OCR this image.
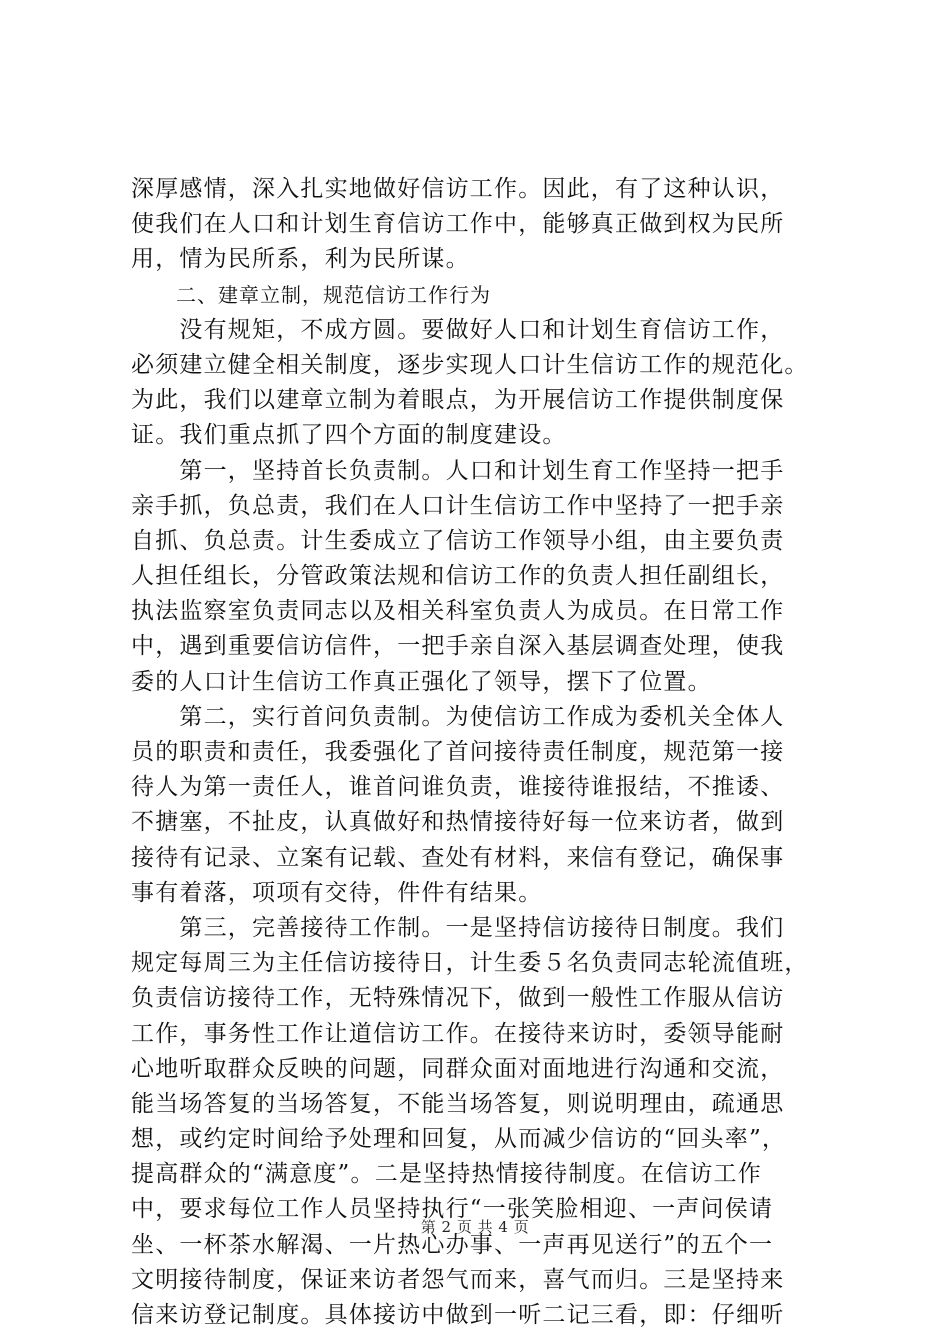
深厚感情，深入扎实地做好信访工作。因此，有了这种认识，
使我们在人口和计划生育信访工作中，能够真正做到权为民所
用，情为民所系，利为民所谋。
二、建章立制，规范信访工作行为
　　没有规矩，不成方圆。要做好人口和计划生育信访工作，
必须建立健全相关制度，逐步实现人口计生信访工作的规范化。
为此，我们以建章立制为着眼点，为开展信访工作提供制度保
证。我们重点抓了四个方面的制度建设。
　　第一，坚持首长负责制。人口和计划生育工作坚持一把手
亲手抓，负总责，我们在人口计生信访工作中坚持了一把手亲
自抓、负总责。计生委成立了信访工作领导小组，由主要负责
人担任组长，分管政策法规和信访工作的负责人担任副组长，
执法监察室负责同志以及相关科室负责人为成员。在日常工作
中，遇到重要信访信件，一把手亲自深入基层调查处理，使我
委的人口计生信访工作真正强化了领导，摆下了位置。
　　第二，实行首问负责制。为使信访工作成为委机关全体人
员的职责和责任，我委强化了首问接待责任制度，规范第一接
待人为第一责任人，谁首问谁负责，谁接待谁报结，不推诿、
不搪塞，不扯皮，认真做好和热情接待好每一位来访者，做到
接待有记录、立案有记载、查处有材料，来信有登记，确保事
事有着落，项项有交待，件件有结果。
　　第三，完善接待工作制。一是坚持信访接待日制度。我们
规定每周三为主任信访接待日，计生委５名负责同志轮流值班，
负责信访接待工作，无特殊情况下，做到一般性工作服从信访
工作，事务性工作让道信访工作。在接待来访时，委领导能耐
心地听取群众反映的问题，同群众面对面地进行沟通和交流，
能当场答复的当场答复，不能当场答复，则说明理由，疏通思
想，或约定时间给予处理和回复，从而减少信访的“回头率”，
提高群众的“满意度”。二是坚持热情接待制度。在信访工作
中，要求每位工作人员坚持执行“一张笑脸相迎、一声问侯请
坐、一杯茶水解渴、一片热心办事、一声再见送行”的五个一
文明接待制度，保证来访者怨气而来，喜气而归。三是坚持来
信来访登记制度。具体接访中做到一听二记三看，即：仔细听
第 2 页 共 4 页
